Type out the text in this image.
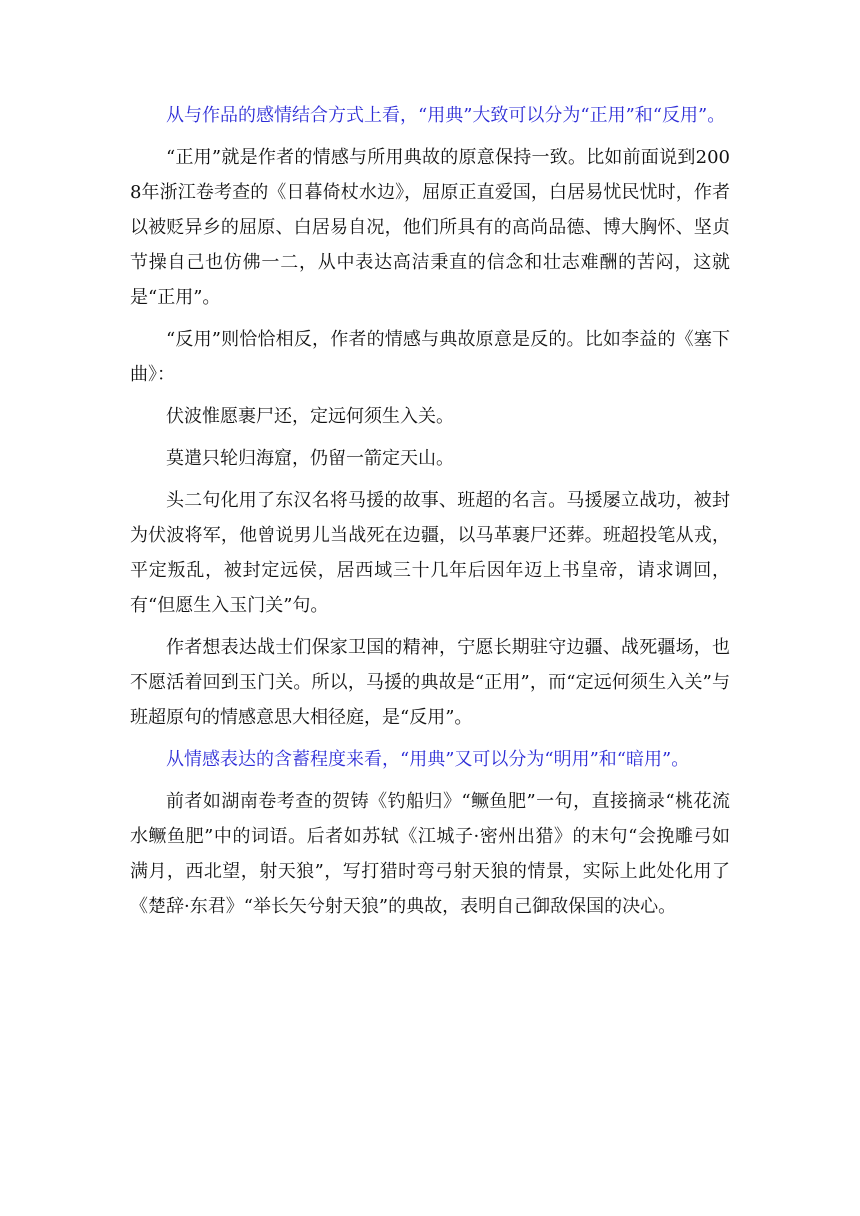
从与作品的感情结合方式上看，“用典”大致可以分为“正用”和“反用”。

“正用”就是作者的情感与所用典故的原意保持一致。比如前面说到2008年浙江卷考查的《日暮倚杖水边》，屈原正直爱国，白居易忧民忧时，作者以被贬异乡的屈原、白居易自况，他们所具有的高尚品德、博大胸怀、坚贞节操自己也仿佛一二，从中表达高洁秉直的信念和壮志难酬的苦闷，这就是“正用”。

“反用”则恰恰相反，作者的情感与典故原意是反的。比如李益的《塞下曲》：

伏波惟愿裹尸还，定远何须生入关。

莫遣只轮归海窟，仍留一箭定天山。

头二句化用了东汉名将马援的故事、班超的名言。马援屡立战功，被封为伏波将军，他曾说男儿当战死在边疆，以马革裹尸还葬。班超投笔从戎，平定叛乱，被封定远侯，居西域三十几年后因年迈上书皇帝，请求调回，有“但愿生入玉门关”句。

作者想表达战士们保家卫国的精神，宁愿长期驻守边疆、战死疆场，也不愿活着回到玉门关。所以，马援的典故是“正用”，而“定远何须生入关”与班超原句的情感意思大相径庭，是“反用”。

从情感表达的含蓄程度来看，“用典”又可以分为“明用”和“暗用”。

前者如湖南卷考查的贺铸《钓船归》“鳜鱼肥”一句，直接摘录“桃花流水鳜鱼肥”中的词语。后者如苏轼《江城子·密州出猎》的末句“会挽雕弓如满月，西北望，射天狼”，写打猎时弯弓射天狼的情景，实际上此处化用了《楚辞·东君》“举长矢兮射天狼”的典故，表明自己御敌保国的决心。
